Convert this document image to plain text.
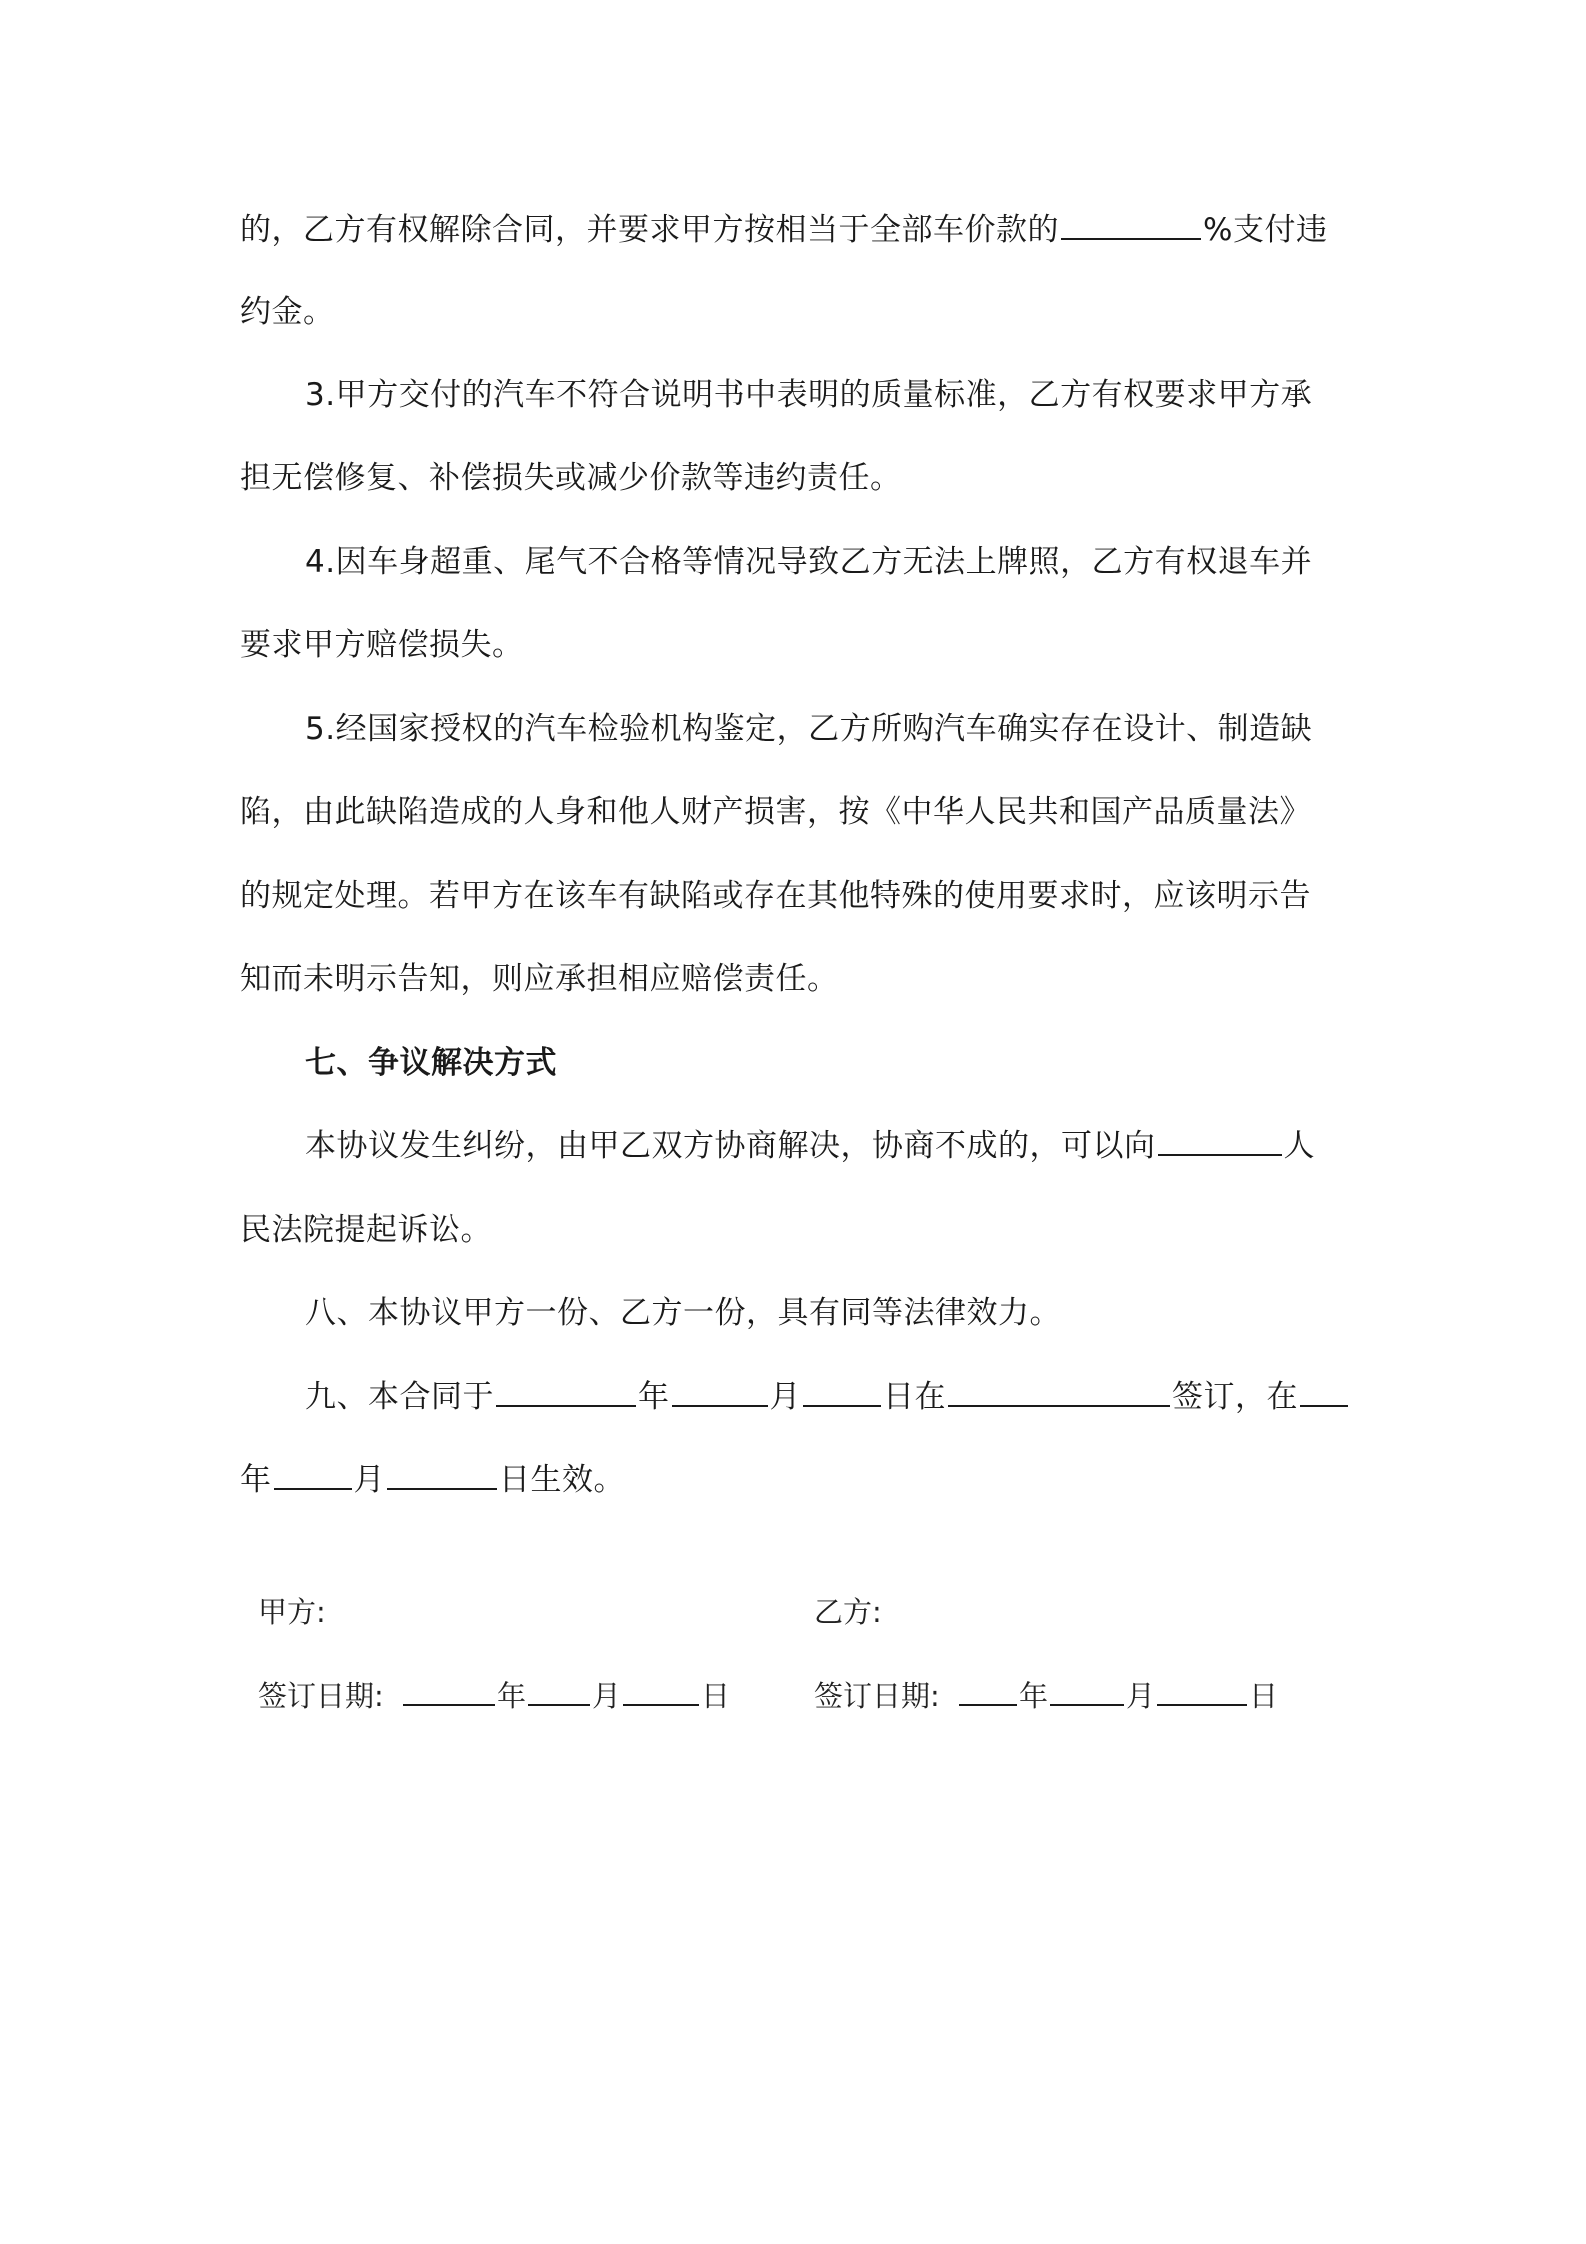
的，乙方有权解除合同，并要求甲方按相当于全部车价款的	%支付违
约金。
3.甲方交付的汽车不符合说明书中表明的质量标准，乙方有权要求甲方承
担无偿修复、补偿损失或减少价款等违约责任。
4.因车身超重、尾气不合格等情况导致乙方无法上牌照，乙方有权退车并
要求甲方赔偿损失。
5.经国家授权的汽车检验机构鉴定，乙方所购汽车确实存在设计、制造缺
陷，由此缺陷造成的人身和他人财产损害，按《中华人民共和国产品质量法》
的规定处理。若甲方在该车有缺陷或存在其他特殊的使用要求时，应该明示告
知而未明示告知，则应承担相应赔偿责任。
七、争议解决方式
本协议发生纠纷，由甲乙双方协商解决，协商不成的，可以向	人
民法院提起诉讼。
八、本协议甲方一份、乙方一份，具有同等法律效力。
九、本合同于	年	月	日在	签订，在
年	月	日生效。
甲方:	乙方:
签订日期:	年 月	日	签订日期:	年	月	日
